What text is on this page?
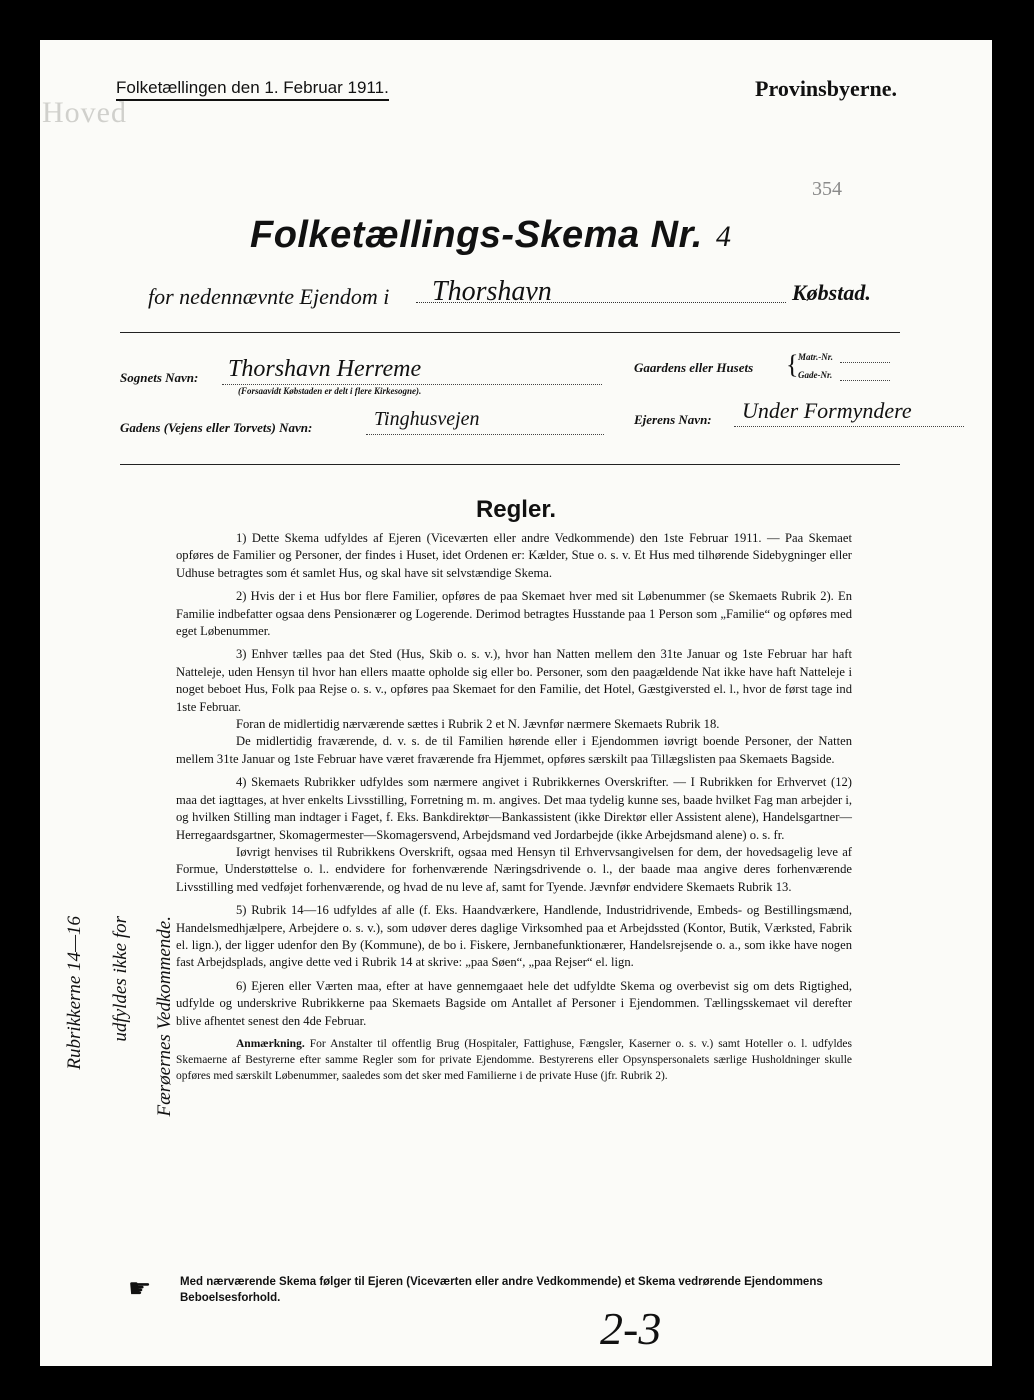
Hoved
Folketællingen den 1. Februar 1911.	Provinsbyerne.
354
Folketællings-Skema Nr. 4
for nedennævnte Ejendom i Thorshavn	Købstad.
Sognets Navn: Thorshavn Herreme
(Forsaavidt Købstaden er delt i flere Kirkesogne).
Gaardens eller Husets { Matr.-Nr.
Gade-Nr.
Gadens (Vejens eller Torvets) Navn:	Tinghusvejen	Ejerens Navn: Under Formyndere
Regler.

1) Dette Skema udfyldes af Ejeren (Viceværten eller andre Vedkommende) den 1ste Februar 1911. — Paa Skemaet opføres de Familier og Personer, der findes i Huset, idet Ordenen er: Kælder, Stue o. s. v. Et Hus med tilhørende Sidebygninger eller Udhuse betragtes som ét samlet Hus, og skal have sit selvstændige Skema.

2) Hvis der i et Hus bor flere Familier, opføres de paa Skemaet hver med sit Løbenummer (se Skemaets Rubrik 2). En Familie indbefatter ogsaa dens Pensionærer og Logerende. Derimod betragtes Husstande paa 1 Person som „Familie“ og opføres med eget Løbenummer.

3) Enhver tælles paa det Sted (Hus, Skib o. s. v.), hvor han Natten mellem den 31te Januar og 1ste Februar har haft Natteleje, uden Hensyn til hvor han ellers maatte opholde sig eller bo. Personer, som den paagældende Nat ikke have haft Natteleje i noget beboet Hus, Folk paa Rejse o. s. v., opføres paa Skemaet for den Familie, det Hotel, Gæstgiversted el. l., hvor de først tage ind 1ste Februar.

Foran de midlertidig nærværende sættes i Rubrik 2 et N. Jævnfør nærmere Skemaets Rubrik 18.

De midlertidig fraværende, d. v. s. de til Familien hørende eller i Ejendommen iøvrigt boende Personer, der Natten mellem 31te Januar og 1ste Februar have været fraværende fra Hjemmet, opføres særskilt paa Tillægslisten paa Skemaets Bagside.

4) Skemaets Rubrikker udfyldes som nærmere angivet i Rubrikkernes Overskrifter. — I Rubrikken for Erhvervet (12) maa det iagttages, at hver enkelts Livsstilling, Forretning m. m. angives. Det maa tydelig kunne ses, baade hvilket Fag man arbejder i, og hvilken Stilling man indtager i Faget, f. Eks. Bankdirektør—Bankassistent (ikke Direktør eller Assistent alene), Handelsgartner—Herregaardsgartner, Skomagermester—Skomagersvend, Arbejdsmand ved Jordarbejde (ikke Arbejdsmand alene) o. s. fr.

Iøvrigt henvises til Rubrikkens Overskrift, ogsaa med Hensyn til Erhvervsangivelsen for dem, der hovedsagelig leve af Formue, Understøttelse o. l.. endvidere for forhenværende Næringsdrivende o. l., der baade maa angive deres forhenværende Livsstilling med vedføjet forhenværende, og hvad de nu leve af, samt for Tyende. Jævnfør endvidere Skemaets Rubrik 13.

5) Rubrik 14—16 udfyldes af alle (f. Eks. Haandværkere, Handlende, Industridrivende, Embeds- og Bestillingsmænd, Handelsmedhjælpere, Arbejdere o. s. v.), som udøver deres daglige Virksomhed paa et Arbejdssted (Kontor, Butik, Værksted, Fabrik el. lign.), der ligger udenfor den By (Kommune), de bo i. Fiskere, Jernbanefunktionærer, Handelsrejsende o. a., som ikke have nogen fast Arbejdsplads, angive dette ved i Rubrik 14 at skrive: „paa Søen“, „paa Rejser“ el. lign.

6) Ejeren eller Værten maa, efter at have gennemgaaet hele det udfyldte Skema og overbevist sig om dets Rigtighed, udfylde og underskrive Rubrikkerne paa Skemaets Bagside om Antallet af Personer i Ejendommen. Tællingsskemaet vil derefter blive afhentet senest den 4de Februar.

Anmærkning. For Anstalter til offentlig Brug (Hospitaler, Fattighuse, Fængsler, Kaserner o. s. v.) samt Hoteller o. l. udfyldes Skemaerne af Bestyrerne efter samme Regler som for private Ejendomme. Bestyrerens eller Opsynspersonalets særlige Husholdninger skulle opføres med særskilt Løbenummer, saaledes som det sker med Familierne i de private Huse (jfr. Rubrik 2).

Rubrikkerne 14—16 udfyldes ikke for Færøernes Vedkommende.
☛ Med nærværende Skema følger til Ejeren (Viceværten eller andre Vedkommende) et Skema vedrørende Ejendommens Beboelsesforhold.
2-3
